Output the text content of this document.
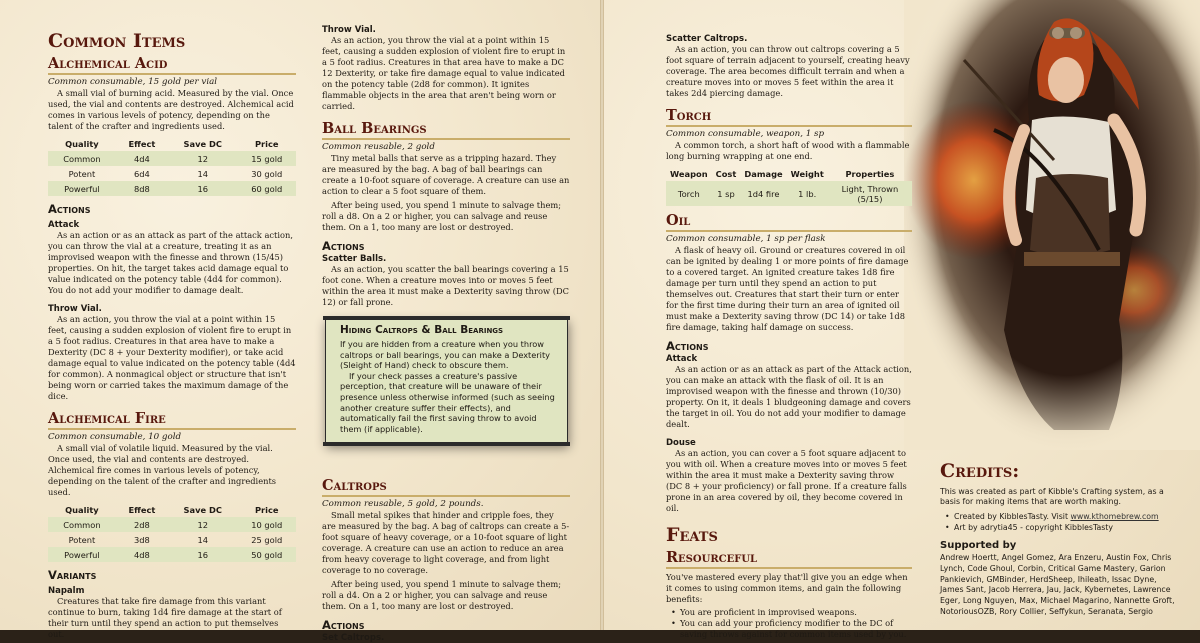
Common Items
Alchemical Acid
Common consumable, 15 gold per vial

A small vial of burning acid. Measured by the vial. Once used, the vial and contents are destroyed. Alchemical acid comes in various levels of potency, depending on the talent of the crafter and ingredients used.

Quality	Effect	Save DC	Price
Common	4d4	12	15 gold
Potent	6d4	14	30 gold
Powerful	8d8	16	60 gold
Actions
Attack

As an action or as an attack as part of the attack action, you can throw the vial at a creature, treating it as an improvised weapon with the finesse and thrown (15/45) properties. On hit, the target takes acid damage equal to value indicated on the potency table (4d4 for common). You do not add your modifier to damage dealt.

Throw Vial.

As an action, you throw the vial at a point within 15 feet, causing a sudden explosion of violent fire to erupt in a 5 foot radius. Creatures in that area have to make a Dexterity (DC 8 + your Dexterity modifier), or take acid damage equal to value indicated on the potency table (4d4 for common). A nonmagical object or structure that isn't being worn or carried takes the maximum damage of the dice.

Alchemical Fire
Common consumable, 10 gold

A small vial of volatile liquid. Measured by the vial. Once used, the vial and contents are destroyed. Alchemical fire comes in various levels of potency, depending on the talent of the crafter and ingredients used.

Quality	Effect	Save DC	Price
Common	2d8	12	10 gold
Potent	3d8	14	25 gold
Powerful	4d8	16	50 gold
Variants
Napalm

Creatures that take fire damage from this variant continue to burn, taking 1d4 fire damage at the start of their turn until they spend an action to put themselves out.

Throw Vial.

As an action, you throw the vial at a point within 15 feet, causing a sudden explosion of violent fire to erupt in a 5 foot radius. Creatures in that area have to make a DC 12 Dexterity, or take fire damage equal to value indicated on the potency table (2d8 for common). It ignites flammable objects in the area that aren't being worn or carried.

Ball Bearings
Common reusable, 2 gold

Tiny metal balls that serve as a tripping hazard. They are measured by the bag. A bag of ball bearings can create a 10-foot square of coverage. A creature can use an action to clear a 5 foot square of them.

After being used, you spend 1 minute to salvage them; roll a d8. On a 2 or higher, you can salvage and reuse them. On a 1, too many are lost or destroyed.

Actions
Scatter Balls.

As an action, you scatter the ball bearings covering a 15 foot cone. When a creature moves into or moves 5 feet within the area it must make a Dexterity saving throw (DC 12) or fall prone.

Caltrops
Common reusable, 5 gold, 2 pounds.

Small metal spikes that hinder and cripple foes, they are measured by the bag. A bag of caltrops can create a 5-foot square of heavy coverage, or a 10-foot square of light coverage. A creature can use an action to reduce an area from heavy coverage to light coverage, and from light coverage to no coverage.

After being used, you spend 1 minute to salvage them; roll a d4. On a 2 or higher, you can salvage and reuse them. On a 1, too many are lost or destroyed.

Actions
Set Caltrops.
Hiding Caltrops & Ball Bearings

If you are hidden from a creature when you throw caltrops or ball bearings, you can make a Dexterity (Sleight of Hand) check to obscure them.

If your check passes a creature's passive perception, that creature will be unaware of their presence unless otherwise informed (such as seeing another creature suffer their effects), and automatically fail the first saving throw to avoid them (if applicable).

Scatter Caltrops.

As an action, you can throw out caltrops covering a 5 foot square of terrain adjacent to yourself, creating heavy coverage. The area becomes difficult terrain and when a creature moves into or moves 5 feet within the area it takes 2d4 piercing damage.

Torch
Common consumable, weapon, 1 sp

A common torch, a short haft of wood with a flammable long burning wrapping at one end.

Weapon	Cost	Damage	Weight	Properties
Torch	1 sp	1d4 fire	1 lb.	Light, Thrown (5/15)
Oil
Common consumable, 1 sp per flask

A flask of heavy oil. Ground or creatures covered in oil can be ignited by dealing 1 or more points of fire damage to a covered target. An ignited creature takes 1d8 fire damage per turn until they spend an action to put themselves out. Creatures that start their turn or enter for the first time during their turn an area of ignited oil must make a Dexterity saving throw (DC 14) or take 1d8 fire damage, taking half damage on success.

Actions
Attack

As an action or as an attack as part of the Attack action, you can make an attack with the flask of oil. It is an improvised weapon with the finesse and thrown (10/30) property. On it, it deals 1 bludgeoning damage and covers the target in oil. You do not add your modifier to damage dealt.

Douse

As an action, you can cover a 5 foot square adjacent to you with oil. When a creature moves into or moves 5 feet within the area it must make a Dexterity saving throw (DC 8 + your proficiency) or fall prone. If a creature falls prone in an area covered by oil, they become covered in oil.

Feats
Resourceful

You've mastered every play that'll give you an edge when it comes to using common items, and gain the following benefits:

• You are proficient in improvised weapons.
• You can add your proficiency modifier to the DC of saving throws against for common items used by you.
Credits:

This was created as part of Kibble's Crafting system, as a basis for making items that are worth making.

• Created by KibblesTasty. Visit www.kthomebrew.com
• Art by adrytia45 - copyright KibblesTasty
Supported by

Andrew Hoertt, Angel Gomez, Ara Enzeru, Austin Fox, Chris Lynch, Code Ghoul, Corbin, Critical Game Mastery, Garion Pankievich, GMBinder, HerdSheep, Ihileath, Issac Dyne, James Sant, Jacob Herrera, Jau, Jack, Kybernetes, Lawrence Eger, Long Nguyen, Max, Michael Magarino, Nannette Groft, NotoriousOZB, Rory Collier, Seffykun, Seranata, Sergio
